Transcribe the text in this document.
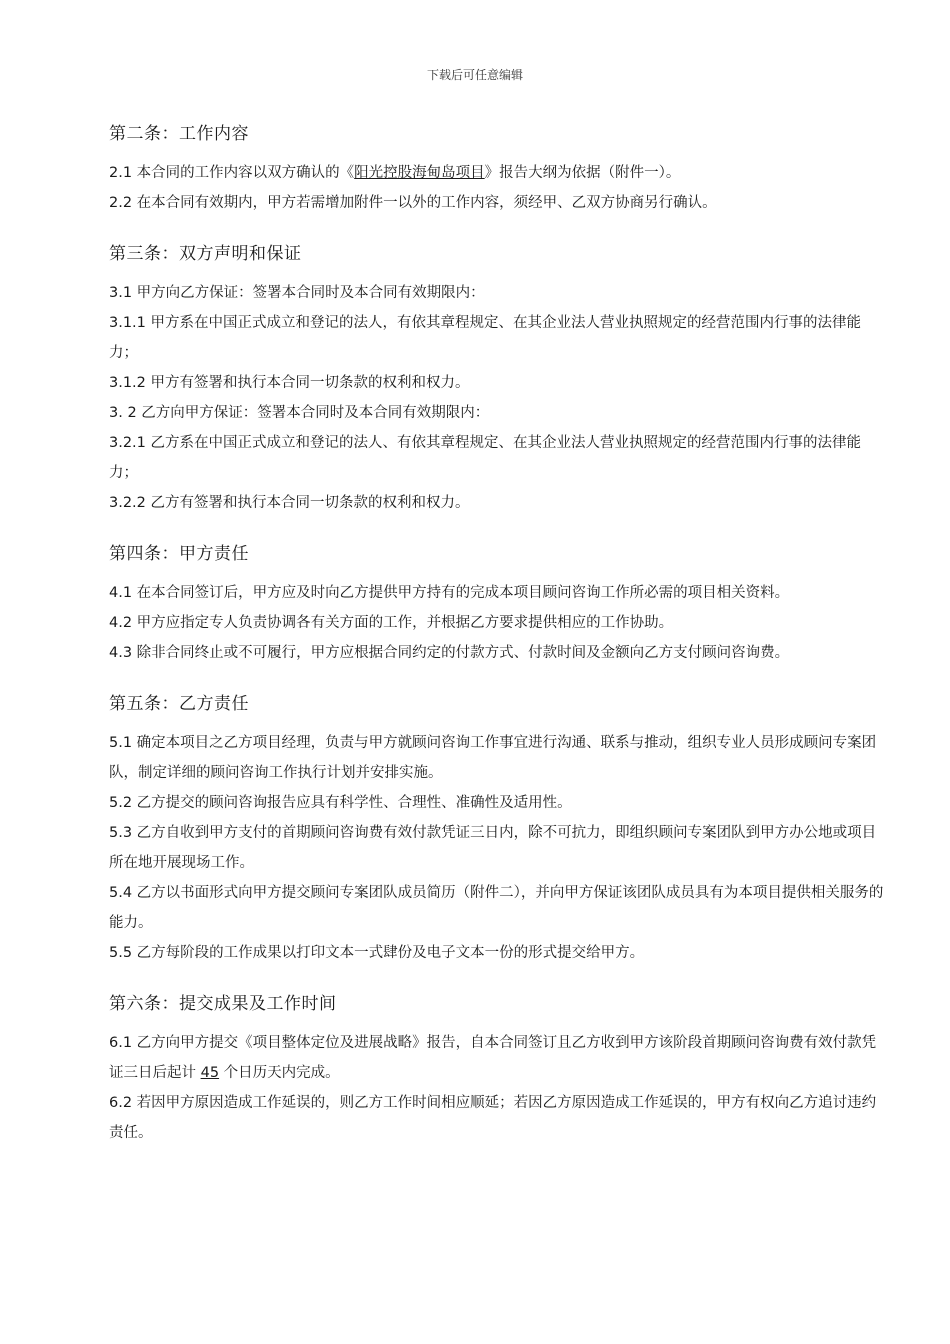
下载后可任意编辑
第二条：工作内容

2.1 本合同的工作内容以双方确认的《阳光控股海甸岛项目》报告大纲为依据（附件一）。

2.2 在本合同有效期内，甲方若需增加附件一以外的工作内容，须经甲、乙双方协商另行确认。

第三条：双方声明和保证

3.1 甲方向乙方保证：签署本合同时及本合同有效期限内：

3.1.1 甲方系在中国正式成立和登记的法人，有依其章程规定、在其企业法人营业执照规定的经营范围内行事的法律能力；

3.1.2 甲方有签署和执行本合同一切条款的权利和权力。

3. 2 乙方向甲方保证：签署本合同时及本合同有效期限内：

3.2.1 乙方系在中国正式成立和登记的法人、有依其章程规定、在其企业法人营业执照规定的经营范围内行事的法律能力；

3.2.2 乙方有签署和执行本合同一切条款的权利和权力。

第四条：甲方责任

4.1 在本合同签订后，甲方应及时向乙方提供甲方持有的完成本项目顾问咨询工作所必需的项目相关资料。

4.2 甲方应指定专人负责协调各有关方面的工作，并根据乙方要求提供相应的工作协助。

4.3 除非合同终止或不可履行，甲方应根据合同约定的付款方式、付款时间及金额向乙方支付顾问咨询费。

第五条：乙方责任

5.1 确定本项目之乙方项目经理，负责与甲方就顾问咨询工作事宜进行沟通、联系与推动，组织专业人员形成顾问专案团队，制定详细的顾问咨询工作执行计划并安排实施。

5.2 乙方提交的顾问咨询报告应具有科学性、合理性、准确性及适用性。

5.3 乙方自收到甲方支付的首期顾问咨询费有效付款凭证三日内，除不可抗力，即组织顾问专案团队到甲方办公地或项目所在地开展现场工作。

5.4 乙方以书面形式向甲方提交顾问专案团队成员简历（附件二），并向甲方保证该团队成员具有为本项目提供相关服务的能力。

5.5 乙方每阶段的工作成果以打印文本一式肆份及电子文本一份的形式提交给甲方。

第六条：提交成果及工作时间

6.1 乙方向甲方提交《项目整体定位及进展战略》报告，自本合同签订且乙方收到甲方该阶段首期顾问咨询费有效付款凭证三日后起计 45 个日历天内完成。

6.2 若因甲方原因造成工作延误的，则乙方工作时间相应顺延；若因乙方原因造成工作延误的，甲方有权向乙方追讨违约责任。
